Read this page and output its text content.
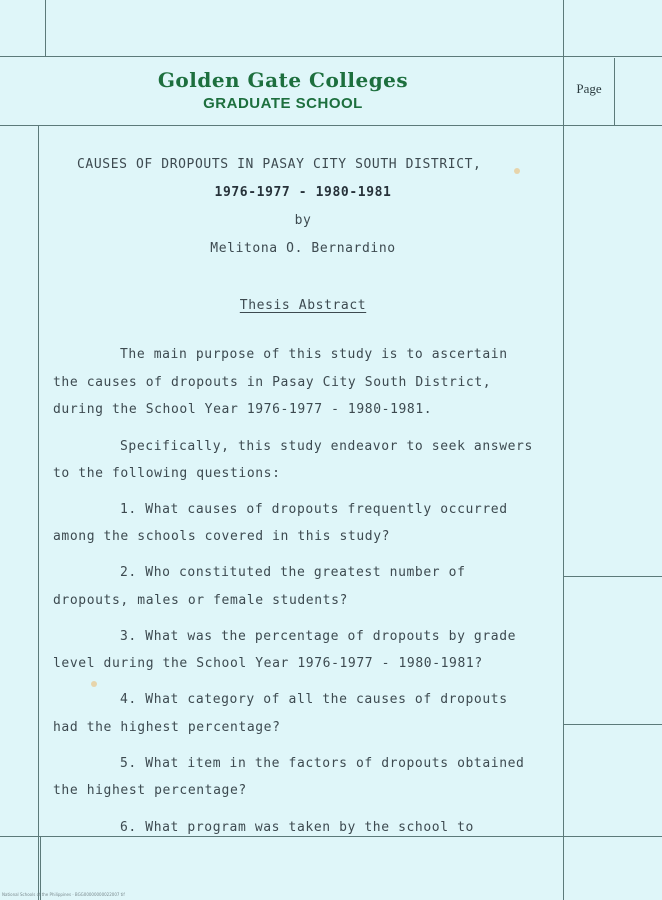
Golden Gate Colleges
GRADUATE SCHOOL
Page
CAUSES OF DROPOUTS IN PASAY CITY SOUTH DISTRICT,
1976-1977 - 1980-1981
by
Melitona O. Bernardino
Thesis Abstract
The main purpose of this study is to ascertain
the causes of dropouts in Pasay City South District,
during the School Year 1976-1977 - 1980-1981.
Specifically, this study endeavor to seek answers
to the following questions:
1. What causes of dropouts frequently occurred
among the schools covered in this study?
2. Who constituted the greatest number of
dropouts, males or female students?
3. What was the percentage of dropouts by grade
level during the School Year 1976-1977 - 1980-1981?
4. What category of all the causes of dropouts
had the highest percentage?
5. What item in the factors of dropouts obtained
the highest percentage?
6. What program was taken by the school to
National Schools of the Philippines · BGG00000000022007 tif
